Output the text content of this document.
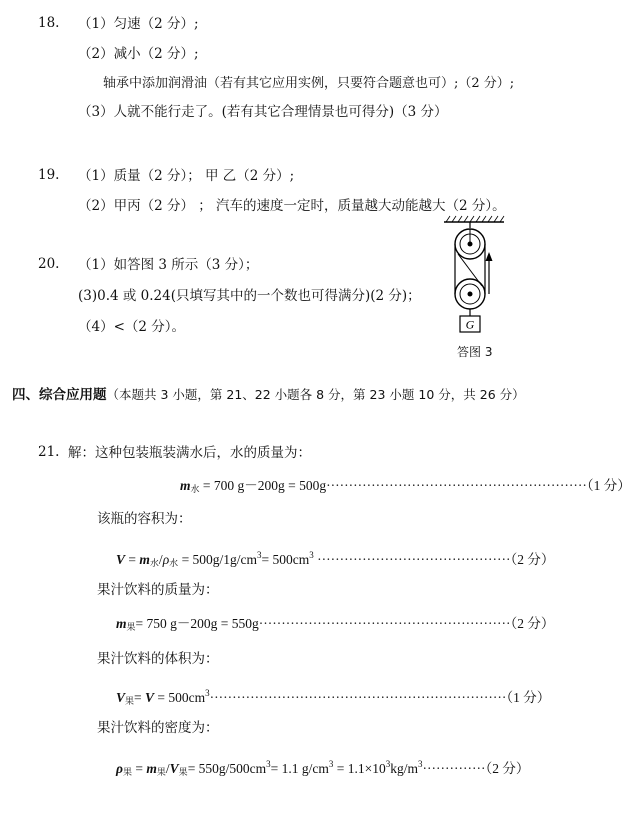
18. （1）匀速（2 分）;
（2）减小（2 分）;
轴承中添加润滑油（若有其它应用实例，只要符合题意也可）;（2 分）;
（3）人就不能行走了。(若有其它合理情景也可得分)（3 分）
19. （1）质量（2 分）； 甲 乙（2 分）;
（2）甲丙（2 分） ； 汽车的速度一定时，质量越大动能越大（2 分）。
20. （1）如答图 3 所示（3 分）；
(3)0.4 或 0.24(只填写其中的一个数也可得满分)(2 分)；
（4）<（2 分）。	G
答图 3
四、综合应用题（本题共 3 小题，第 21、22 小题各 8 分，第 23 小题 10 分，共 26 分）
21. 解：这种包装瓶装满水后，水的质量为：
$m_水 = 700$ g－200g = 500g··························································（1 分）
该瓶的容积为：
$V = m_水/\rho_水 = 500g/1g/cm^3= 500cm^3 \cdot\cdot\cdot\cdot\cdot\cdot\cdot\cdot\cdot\cdot\cdot\cdot\cdot\cdot\cdot\cdot\cdot\cdot\cdot\cdot\cdot\cdot\cdot\cdot\cdot\cdot\cdot\cdot\cdot\cdot\cdot\cdot\cdot\cdot\cdot\cdot\cdot\cdot\cdot\cdot\cdot\cdot\cdot(2$ 分）
果汁饮料的质量为：
$m_果= 750$ g－200g = 550g························································（2 分）
果汁饮料的体积为：
$V_果= V = 500cm^3\cdot\cdot\cdot\cdot\cdot\cdot\cdot\cdot\cdot\cdot\cdot\cdot\cdot\cdot\cdot\cdot\cdot\cdot\cdot\cdot\cdot\cdot\cdot\cdot\cdot\cdot\cdot\cdot\cdot\cdot\cdot\cdot\cdot\cdot\cdot\cdot\cdot\cdot\cdot\cdot\cdot\cdot\cdot\cdot\cdot\cdot\cdot\cdot\cdot\cdot\cdot\cdot\cdot\cdot\cdot\cdot\cdot\cdot\cdot\cdot\cdot\cdot\cdot\cdot\cdot\cdot(1$ 分）
果汁饮料的密度为：
$\rho_果 = m_果/V_果= 550g/500cm^3= 1.1$ $g/cm^3 = 1.1\times 10^3kg/m^3\cdot\cdot\cdot\cdot\cdot\cdot\cdot\cdot\cdot\cdot\cdot\cdot\cdot\cdot(2$ 分）
